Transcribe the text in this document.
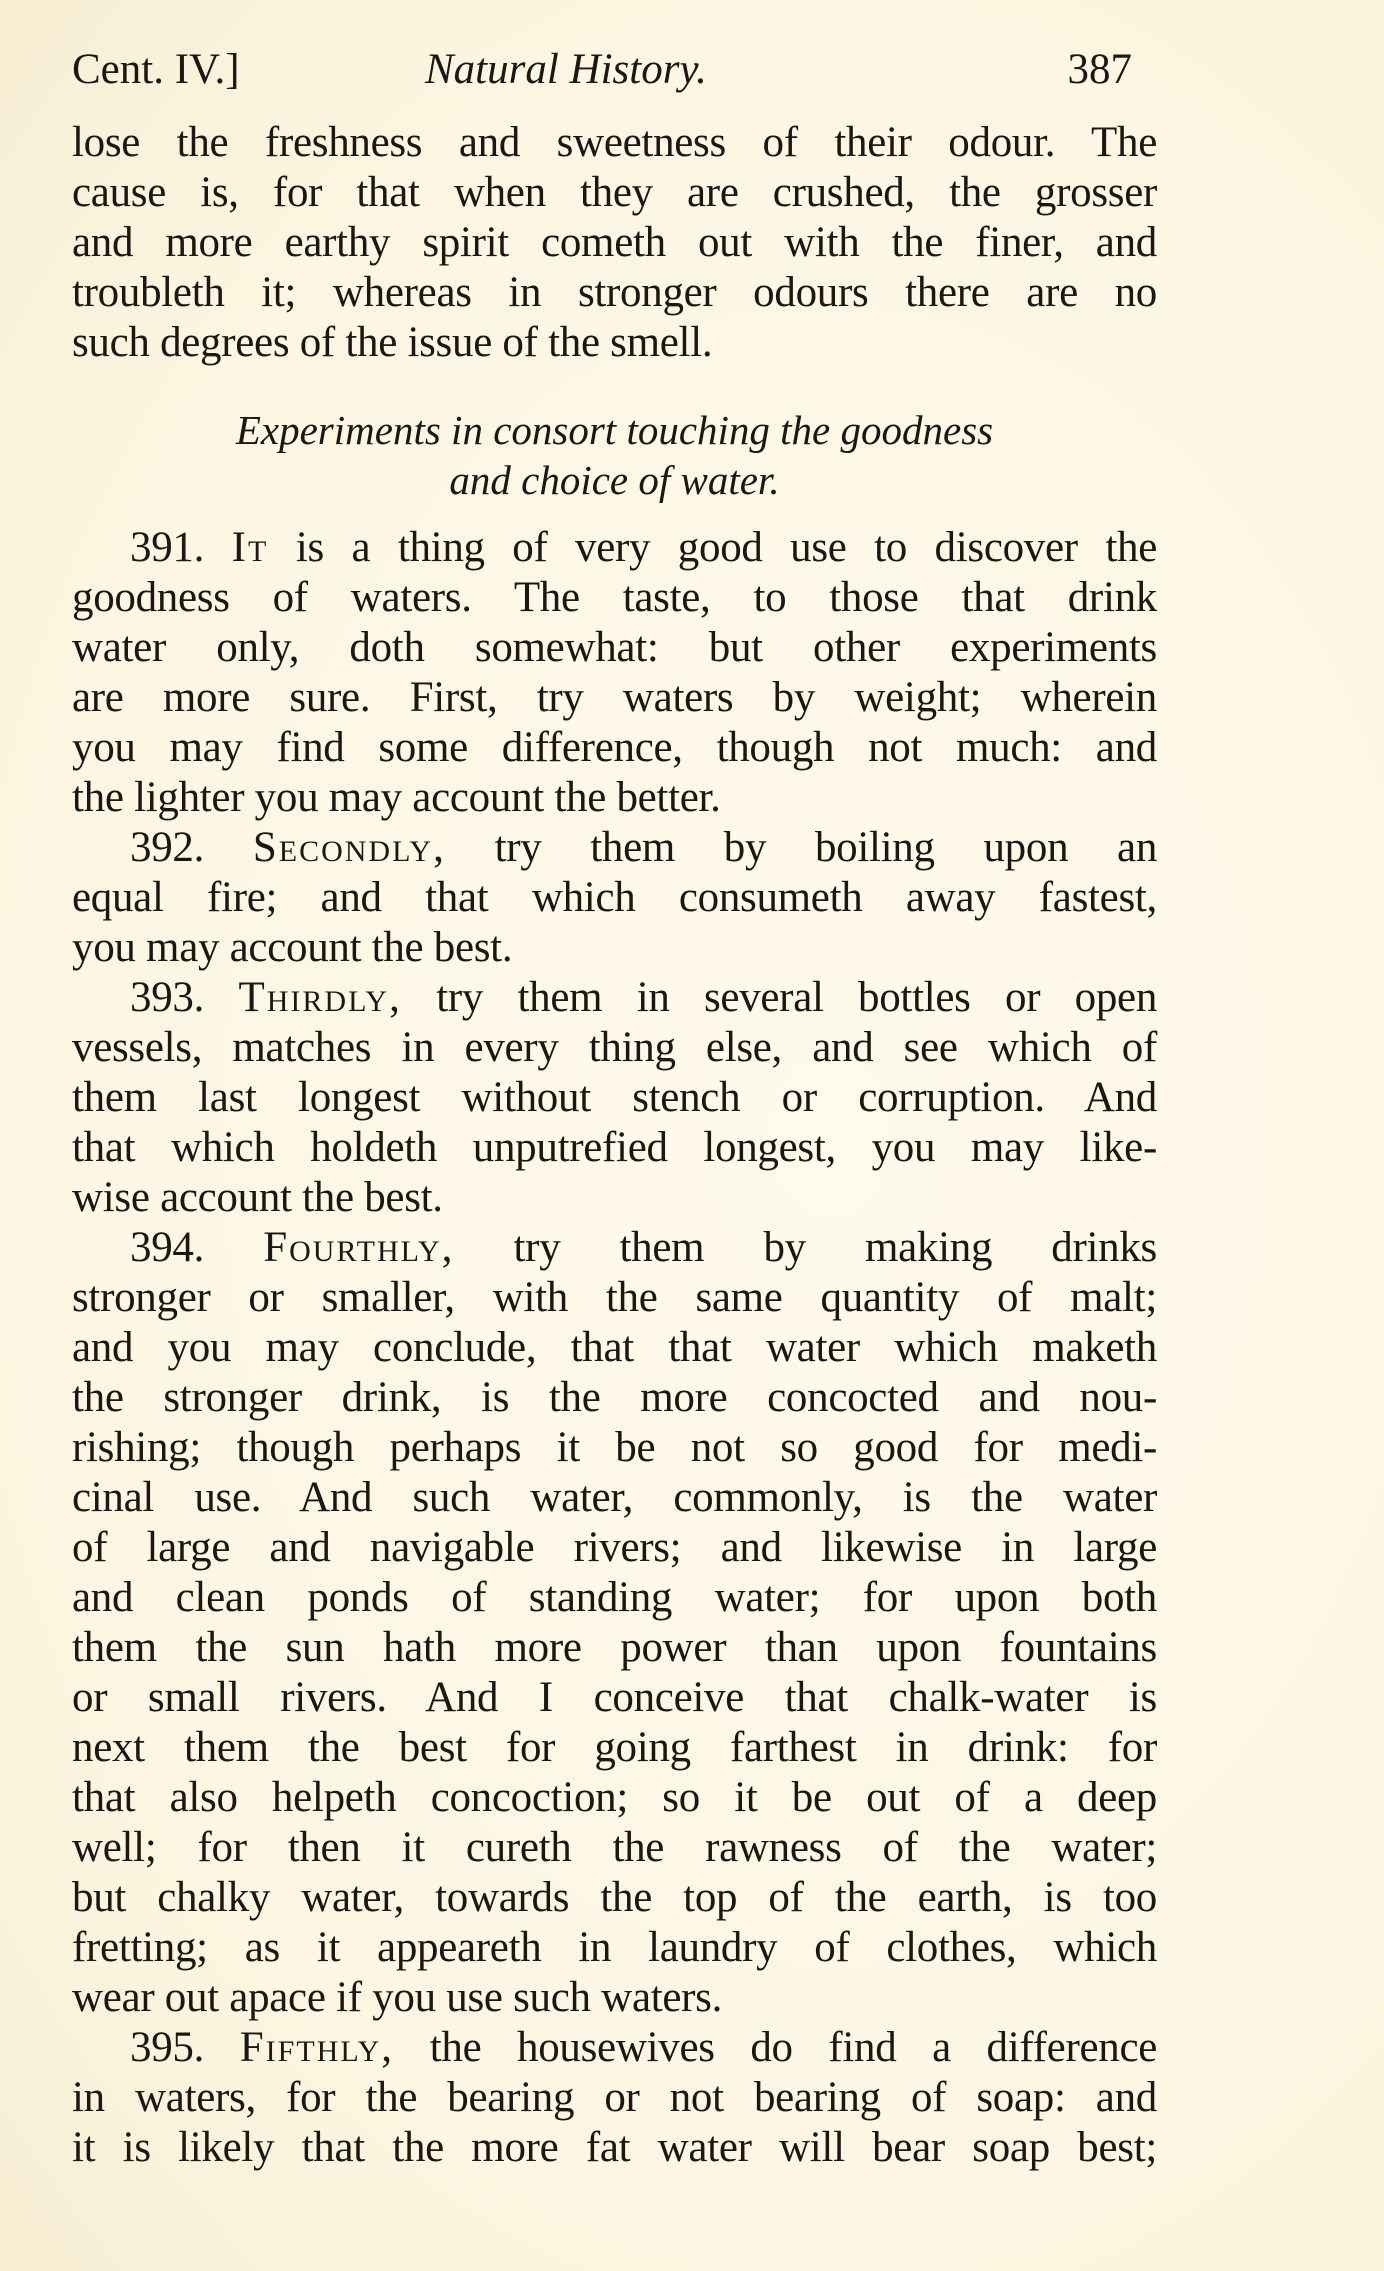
Cent. IV.]	Natural History.	387
lose the freshness and sweetness of their odour. The
cause is, for that when they are crushed, the grosser
and more earthy spirit cometh out with the finer, and
troubleth it; whereas in stronger odours there are no
such degrees of the issue of the smell.
Experiments in consort touching the goodness
and choice of water.
391. It is a thing of very good use to discover the
goodness of waters. The taste, to those that drink
water only, doth somewhat: but other experiments
are more sure. First, try waters by weight; wherein
you may find some difference, though not much: and
the lighter you may account the better.
392. Secondly, try them by boiling upon an
equal fire; and that which consumeth away fastest,
you may account the best.
393. Thirdly, try them in several bottles or open
vessels, matches in every thing else, and see which of
them last longest without stench or corruption. And
that which holdeth unputrefied longest, you may like-
wise account the best.
394. Fourthly, try them by making drinks
stronger or smaller, with the same quantity of malt;
and you may conclude, that that water which maketh
the stronger drink, is the more concocted and nou-
rishing; though perhaps it be not so good for medi-
cinal use. And such water, commonly, is the water
of large and navigable rivers; and likewise in large
and clean ponds of standing water; for upon both
them the sun hath more power than upon fountains
or small rivers. And I conceive that chalk-water is
next them the best for going farthest in drink: for
that also helpeth concoction; so it be out of a deep
well; for then it cureth the rawness of the water;
but chalky water, towards the top of the earth, is too
fretting; as it appeareth in laundry of clothes, which
wear out apace if you use such waters.
395. Fifthly, the housewives do find a difference
in waters, for the bearing or not bearing of soap: and
it is likely that the more fat water will bear soap best;
